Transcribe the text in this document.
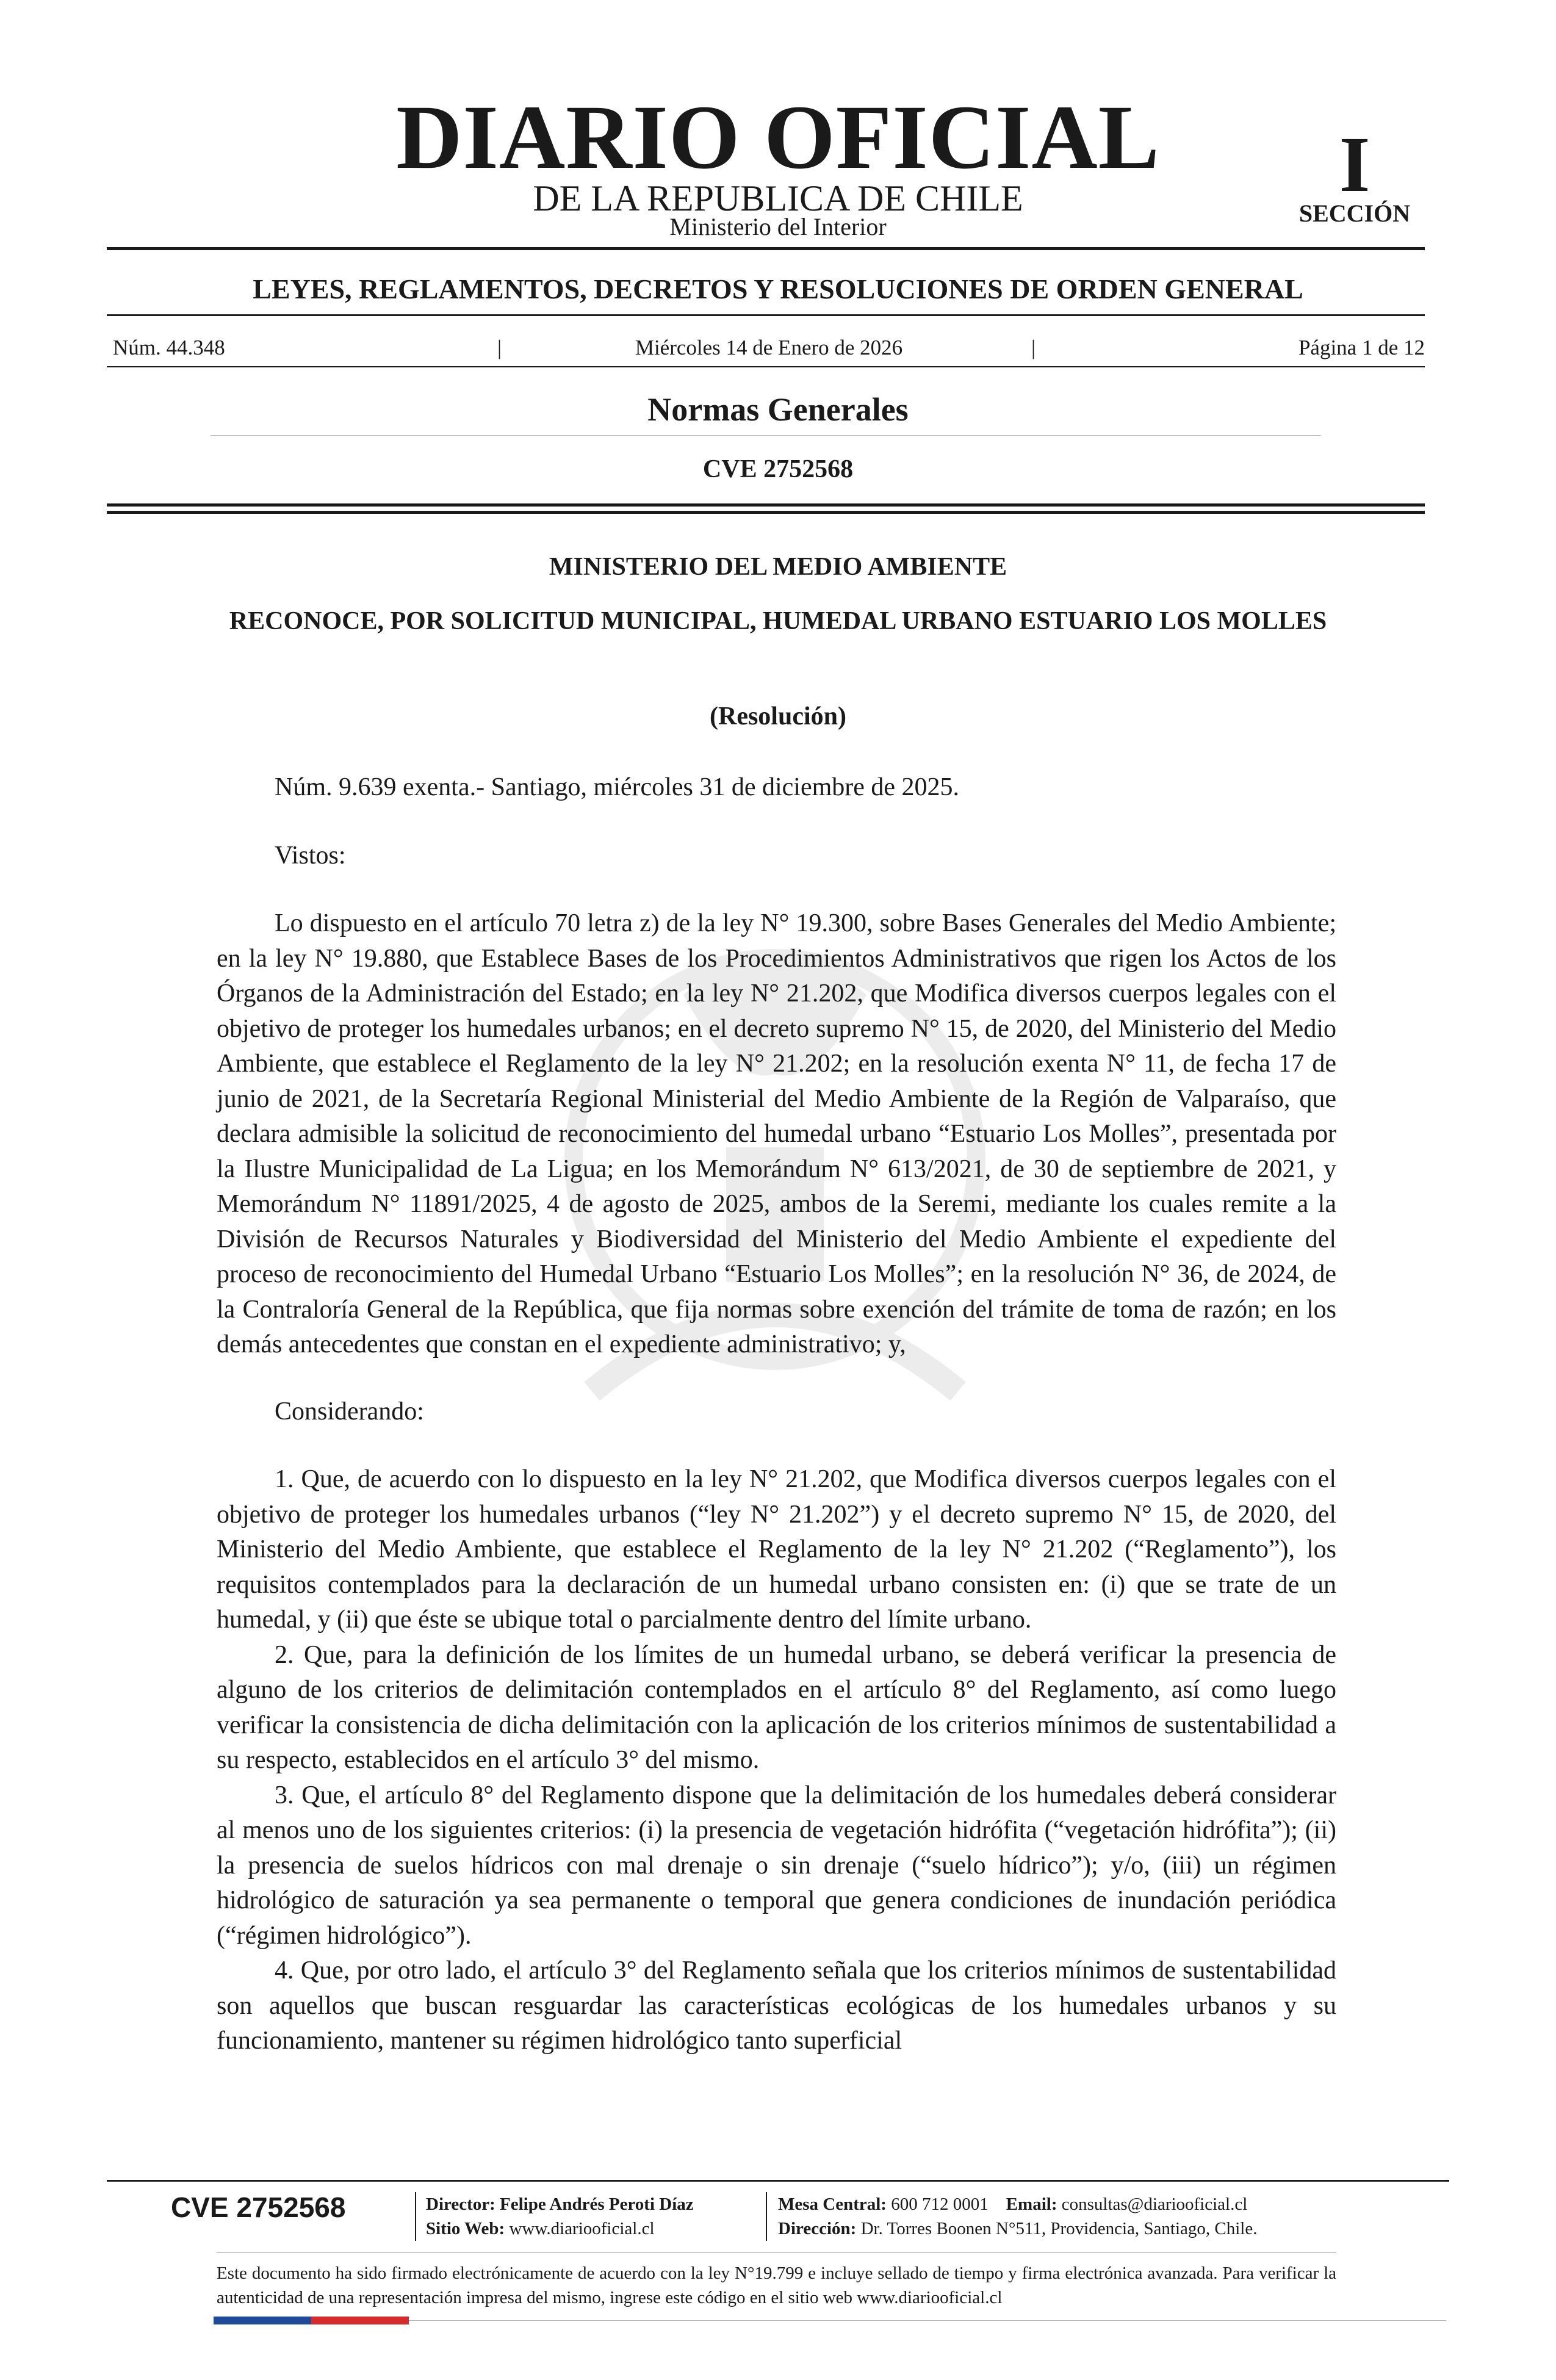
DIARIO OFICIAL
DE LA REPUBLICA DE CHILE
Ministerio del Interior
I
SECCIÓN
LEYES, REGLAMENTOS, DECRETOS Y RESOLUCIONES DE ORDEN GENERAL
Núm. 44.348	Miércoles 14 de Enero de 2026	Página 1 de 12
|	|
Normas Generales
CVE 2752568
MINISTERIO DEL MEDIO AMBIENTE
RECONOCE, POR SOLICITUD MUNICIPAL, HUMEDAL URBANO ESTUARIO LOS MOLLES
(Resolución)

Núm. 9.639 exenta.- Santiago, miércoles 31 de diciembre de 2025.

Vistos:

Lo dispuesto en el artículo 70 letra z) de la ley N° 19.300, sobre Bases Generales del Medio Ambiente; en la ley N° 19.880, que Establece Bases de los Procedimientos Administrativos que rigen los Actos de los Órganos de la Administración del Estado; en la ley N° 21.202, que Modifica diversos cuerpos legales con el objetivo de proteger los humedales urbanos; en el decreto supremo N° 15, de 2020, del Ministerio del Medio Ambiente, que establece el Reglamento de la ley N° 21.202; en la resolución exenta N° 11, de fecha 17 de junio de 2021, de la Secretaría Regional Ministerial del Medio Ambiente de la Región de Valparaíso, que declara admisible la solicitud de reconocimiento del humedal urbano “Estuario Los Molles”, presentada por la Ilustre Municipalidad de La Ligua; en los Memorándum N° 613/2021, de 30 de septiembre de 2021, y Memorándum N° 11891/2025, 4 de agosto de 2025, ambos de la Seremi, mediante los cuales remite a la División de Recursos Naturales y Biodiversidad del Ministerio del Medio Ambiente el expediente del proceso de reconocimiento del Humedal Urbano “Estuario Los Molles”; en la resolución N° 36, de 2024, de la Contraloría General de la República, que fija normas sobre exención del trámite de toma de razón; en los demás antecedentes que constan en el expediente administrativo; y,

Considerando:

1. Que, de acuerdo con lo dispuesto en la ley N° 21.202, que Modifica diversos cuerpos legales con el objetivo de proteger los humedales urbanos (“ley N° 21.202”) y el decreto supremo N° 15, de 2020, del Ministerio del Medio Ambiente, que establece el Reglamento de la ley N° 21.202 (“Reglamento”), los requisitos contemplados para la declaración de un humedal urbano consisten en: (i) que se trate de un humedal, y (ii) que éste se ubique total o parcialmente dentro del límite urbano.

2. Que, para la definición de los límites de un humedal urbano, se deberá verificar la presencia de alguno de los criterios de delimitación contemplados en el artículo 8° del Reglamento, así como luego verificar la consistencia de dicha delimitación con la aplicación de los criterios mínimos de sustentabilidad a su respecto, establecidos en el artículo 3° del mismo.

3. Que, el artículo 8° del Reglamento dispone que la delimitación de los humedales deberá considerar al menos uno de los siguientes criterios: (i) la presencia de vegetación hidrófita (“vegetación hidrófita”); (ii) la presencia de suelos hídricos con mal drenaje o sin drenaje (“suelo hídrico”); y/o, (iii) un régimen hidrológico de saturación ya sea permanente o temporal que genera condiciones de inundación periódica (“régimen hidrológico”).

4. Que, por otro lado, el artículo 3° del Reglamento señala que los criterios mínimos de sustentabilidad son aquellos que buscan resguardar las características ecológicas de los humedales urbanos y su funcionamiento, mantener su régimen hidrológico tanto superficial

CVE 2752568	Director: Felipe Andrés Peroti Díaz
Sitio Web: www.diariooficial.cl
Mesa Central: 600 712 0001 Email: consultas@diariooficial.cl
Dirección: Dr. Torres Boonen N°511, Providencia, Santiago, Chile.
Este documento ha sido firmado electrónicamente de acuerdo con la ley N°19.799 e incluye sellado de tiempo y firma electrónica avanzada. Para verificar la autenticidad de una representación impresa del mismo, ingrese este código en el sitio web www.diariooficial.cl
